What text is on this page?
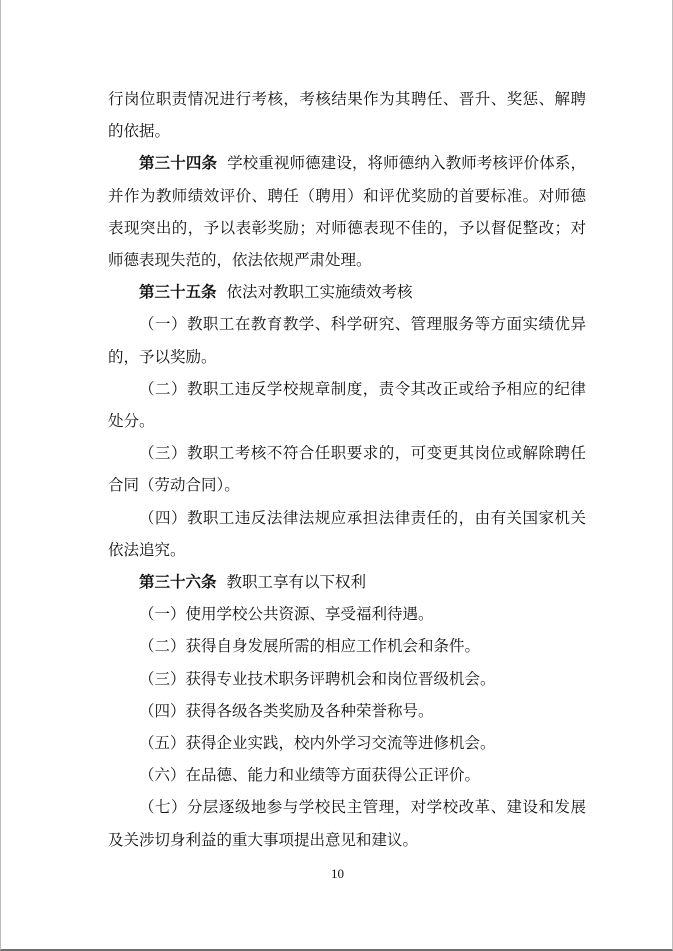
行岗位职责情况进行考核，考核结果作为其聘任、晋升、奖惩、解聘的依据。

第三十四条 学校重视师德建设，将师德纳入教师考核评价体系，并作为教师绩效评价、聘任（聘用）和评优奖励的首要标准。对师德表现突出的，予以表彰奖励；对师德表现不佳的，予以督促整改；对师德表现失范的，依法依规严肃处理。

第三十五条 依法对教职工实施绩效考核

（一）教职工在教育教学、科学研究、管理服务等方面实绩优异的，予以奖励。

（二）教职工违反学校规章制度，责令其改正或给予相应的纪律处分。

（三）教职工考核不符合任职要求的，可变更其岗位或解除聘任合同（劳动合同）。

（四）教职工违反法律法规应承担法律责任的，由有关国家机关依法追究。

第三十六条 教职工享有以下权利

（一）使用学校公共资源、享受福利待遇。

（二）获得自身发展所需的相应工作机会和条件。

（三）获得专业技术职务评聘机会和岗位晋级机会。

（四）获得各级各类奖励及各种荣誉称号。

（五）获得企业实践，校内外学习交流等进修机会。

（六）在品德、能力和业绩等方面获得公正评价。

（七）分层逐级地参与学校民主管理，对学校改革、建设和发展及关涉切身利益的重大事项提出意见和建议。

10
